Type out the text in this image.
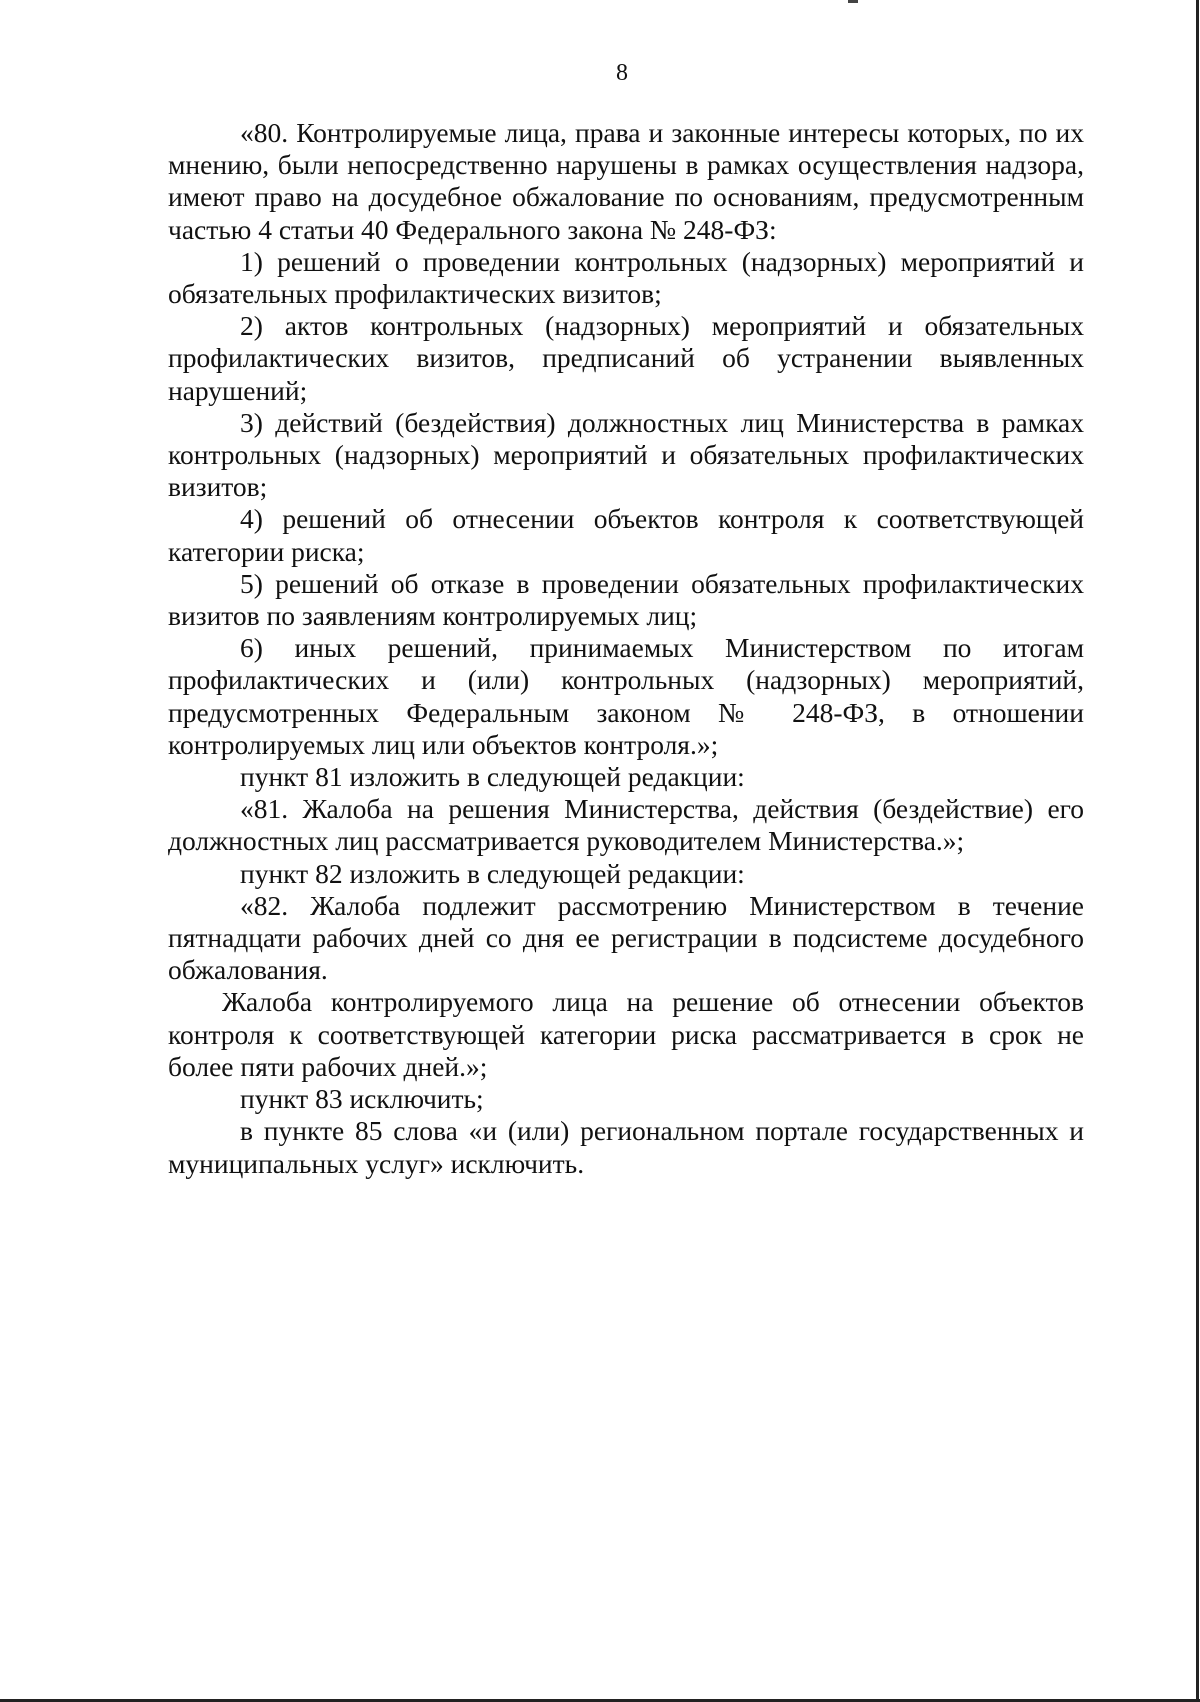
8

«80. Контролируемые лица, права и законные интересы которых, по их мнению, были непосредственно нарушены в рамках осуществления надзора, имеют право на досудебное обжалование по основаниям, предусмотренным частью 4 статьи 40 Федерального закона № 248-ФЗ:

1) решений о проведении контрольных (надзорных) мероприятий и обязательных профилактических визитов;

2) актов контрольных (надзорных) мероприятий и обязательных профилактических визитов, предписаний об устранении выявленных нарушений;

3) действий (бездействия) должностных лиц Министерства в рамках контрольных (надзорных) мероприятий и обязательных профилактических визитов;

4) решений об отнесении объектов контроля к соответствующей категории риска;

5) решений об отказе в проведении обязательных профилактических визитов по заявлениям контролируемых лиц;

6) иных решений, принимаемых Министерством по итогам профилактических и (или) контрольных (надзорных) мероприятий, предусмотренных Федеральным законом № 248-ФЗ, в отношении контролируемых лиц или объектов контроля.»;

пункт 81 изложить в следующей редакции:

«81. Жалоба на решения Министерства, действия (бездействие) его должностных лиц рассматривается руководителем Министерства.»;

пункт 82 изложить в следующей редакции:

«82. Жалоба подлежит рассмотрению Министерством в течение пятнадцати рабочих дней со дня ее регистрации в подсистеме досудебного обжалования.

Жалоба контролируемого лица на решение об отнесении объектов контроля к соответствующей категории риска рассматривается в срок не более пяти рабочих дней.»;

пункт 83 исключить;

в пункте 85 слова «и (или) региональном портале государственных и муниципальных услуг» исключить.
